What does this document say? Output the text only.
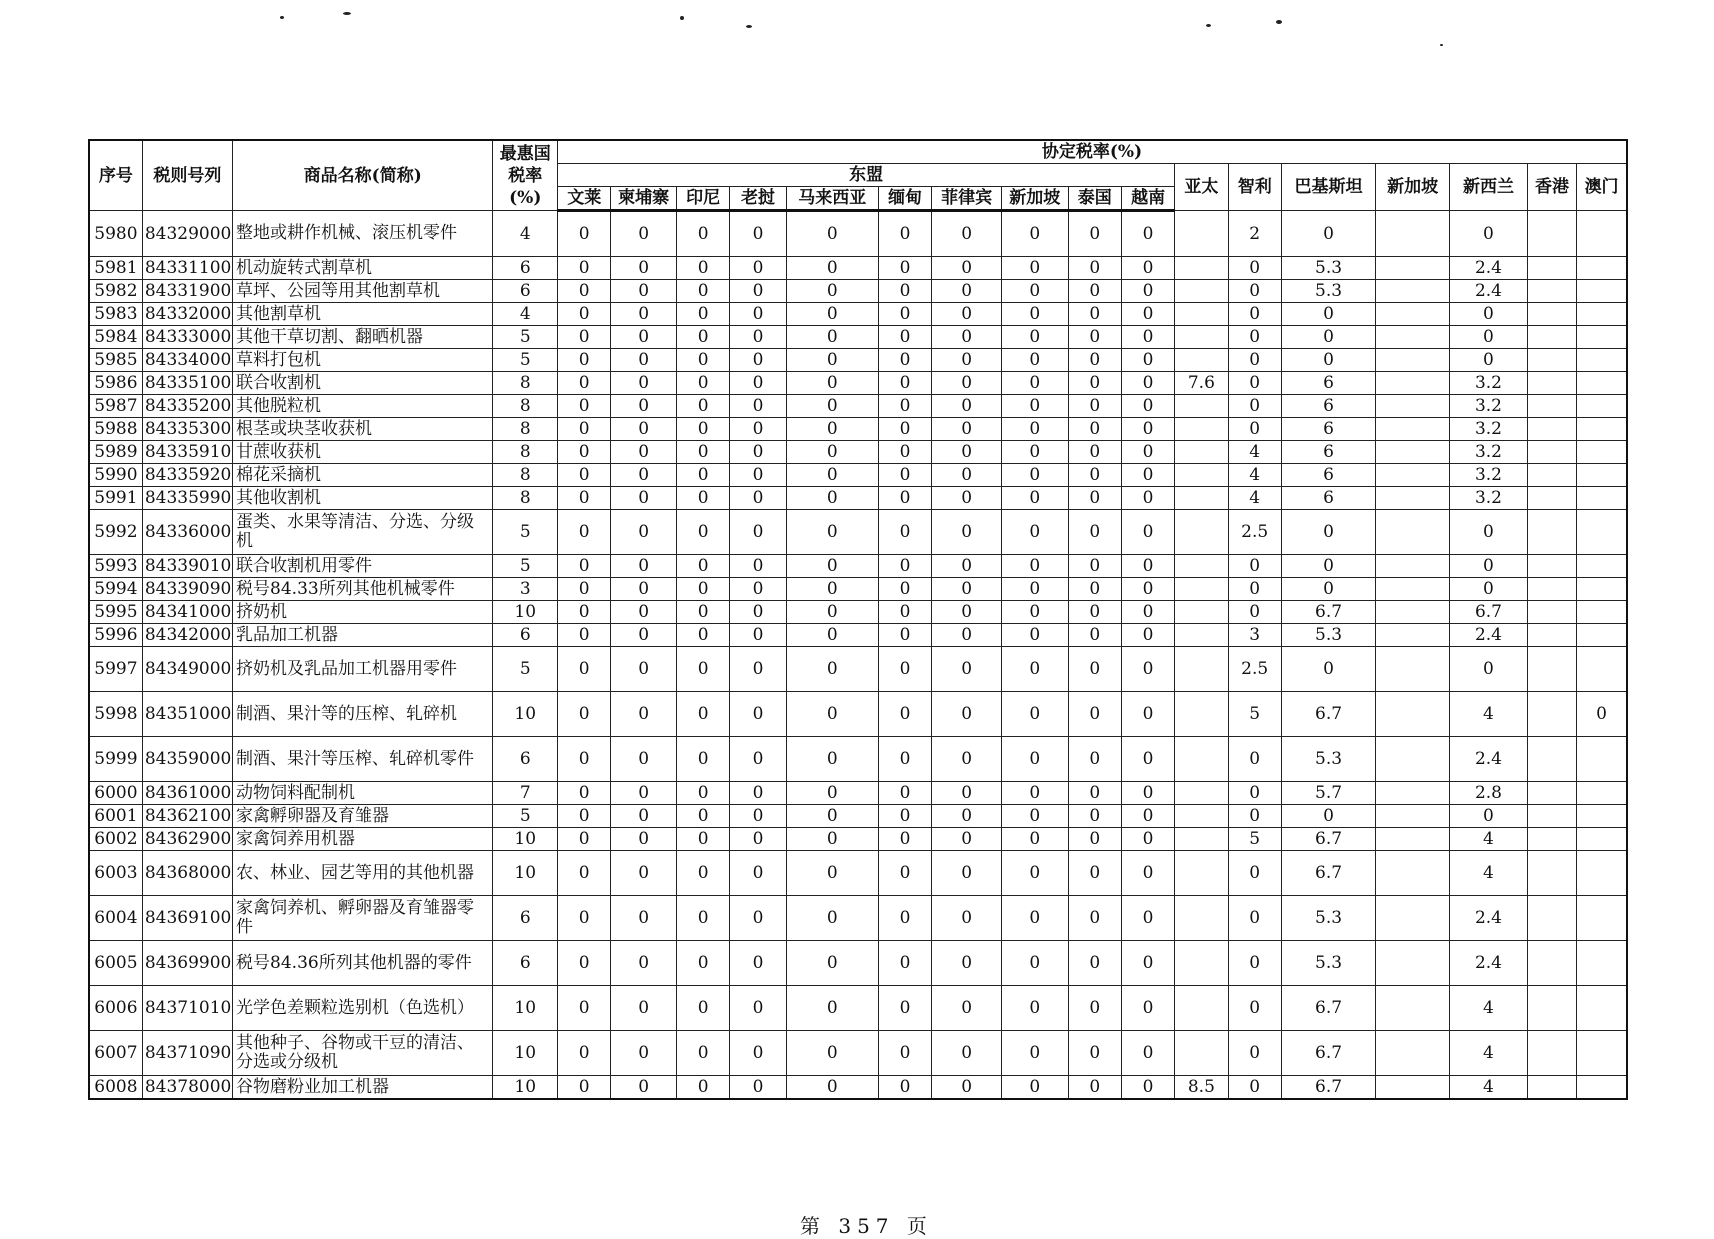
序号	税则号列	商品名称(简称)	最惠国
税率
(%)	协定税率(%)																
				东盟										亚太	智利	巴基斯坦	新加坡	新西兰	香港	澳门
				文莱	柬埔寨	印尼	老挝	马来西亚	缅甸	菲律宾	新加坡	泰国	越南							
5980	84329000	整地或耕作机械、滚压机零件	4	0	0	0	0	0	0	0	0	0	0		2	0		0		
5981	84331100	机动旋转式割草机	6	0	0	0	0	0	0	0	0	0	0		0	5.3		2.4		
5982	84331900	草坪、公园等用其他割草机	6	0	0	0	0	0	0	0	0	0	0		0	5.3		2.4		
5983	84332000	其他割草机	4	0	0	0	0	0	0	0	0	0	0		0	0		0		
5984	84333000	其他干草切割、翻晒机器	5	0	0	0	0	0	0	0	0	0	0		0	0		0		
5985	84334000	草料打包机	5	0	0	0	0	0	0	0	0	0	0		0	0		0		
5986	84335100	联合收割机	8	0	0	0	0	0	0	0	0	0	0	7.6	0	6		3.2		
5987	84335200	其他脱粒机	8	0	0	0	0	0	0	0	0	0	0		0	6		3.2		
5988	84335300	根茎或块茎收获机	8	0	0	0	0	0	0	0	0	0	0		0	6		3.2		
5989	84335910	甘蔗收获机	8	0	0	0	0	0	0	0	0	0	0		4	6		3.2		
5990	84335920	棉花采摘机	8	0	0	0	0	0	0	0	0	0	0		4	6		3.2		
5991	84335990	其他收割机	8	0	0	0	0	0	0	0	0	0	0		4	6		3.2		
5992	84336000	蛋类、水果等清洁、分选、分级机	5	0	0	0	0	0	0	0	0	0	0		2.5	0		0		
5993	84339010	联合收割机用零件	5	0	0	0	0	0	0	0	0	0	0		0	0		0		
5994	84339090	税号84.33所列其他机械零件	3	0	0	0	0	0	0	0	0	0	0		0	0		0		
5995	84341000	挤奶机	10	0	0	0	0	0	0	0	0	0	0		0	6.7		6.7		
5996	84342000	乳品加工机器	6	0	0	0	0	0	0	0	0	0	0		3	5.3		2.4		
5997	84349000	挤奶机及乳品加工机器用零件	5	0	0	0	0	0	0	0	0	0	0		2.5	0		0		
5998	84351000	制酒、果汁等的压榨、轧碎机	10	0	0	0	0	0	0	0	0	0	0		5	6.7		4		0
5999	84359000	制酒、果汁等压榨、轧碎机零件	6	0	0	0	0	0	0	0	0	0	0		0	5.3		2.4		
6000	84361000	动物饲料配制机	7	0	0	0	0	0	0	0	0	0	0		0	5.7		2.8		
6001	84362100	家禽孵卵器及育雏器	5	0	0	0	0	0	0	0	0	0	0		0	0		0		
6002	84362900	家禽饲养用机器	10	0	0	0	0	0	0	0	0	0	0		5	6.7		4		
6003	84368000	农、林业、园艺等用的其他机器	10	0	0	0	0	0	0	0	0	0	0		0	6.7		4		
6004	84369100	家禽饲养机、孵卵器及育雏器零件	6	0	0	0	0	0	0	0	0	0	0		0	5.3		2.4		
6005	84369900	税号84.36所列其他机器的零件	6	0	0	0	0	0	0	0	0	0	0		0	5.3		2.4		
6006	84371010	光学色差颗粒选别机（色选机）	10	0	0	0	0	0	0	0	0	0	0		0	6.7		4		
6007	84371090	其他种子、谷物或干豆的清洁、分选或分级机	10	0	0	0	0	0	0	0	0	0	0		0	6.7		4		
6008	84378000	谷物磨粉业加工机器	10	0	0	0	0	0	0	0	0	0	0	8.5	0	6.7		4		
第 357 页
